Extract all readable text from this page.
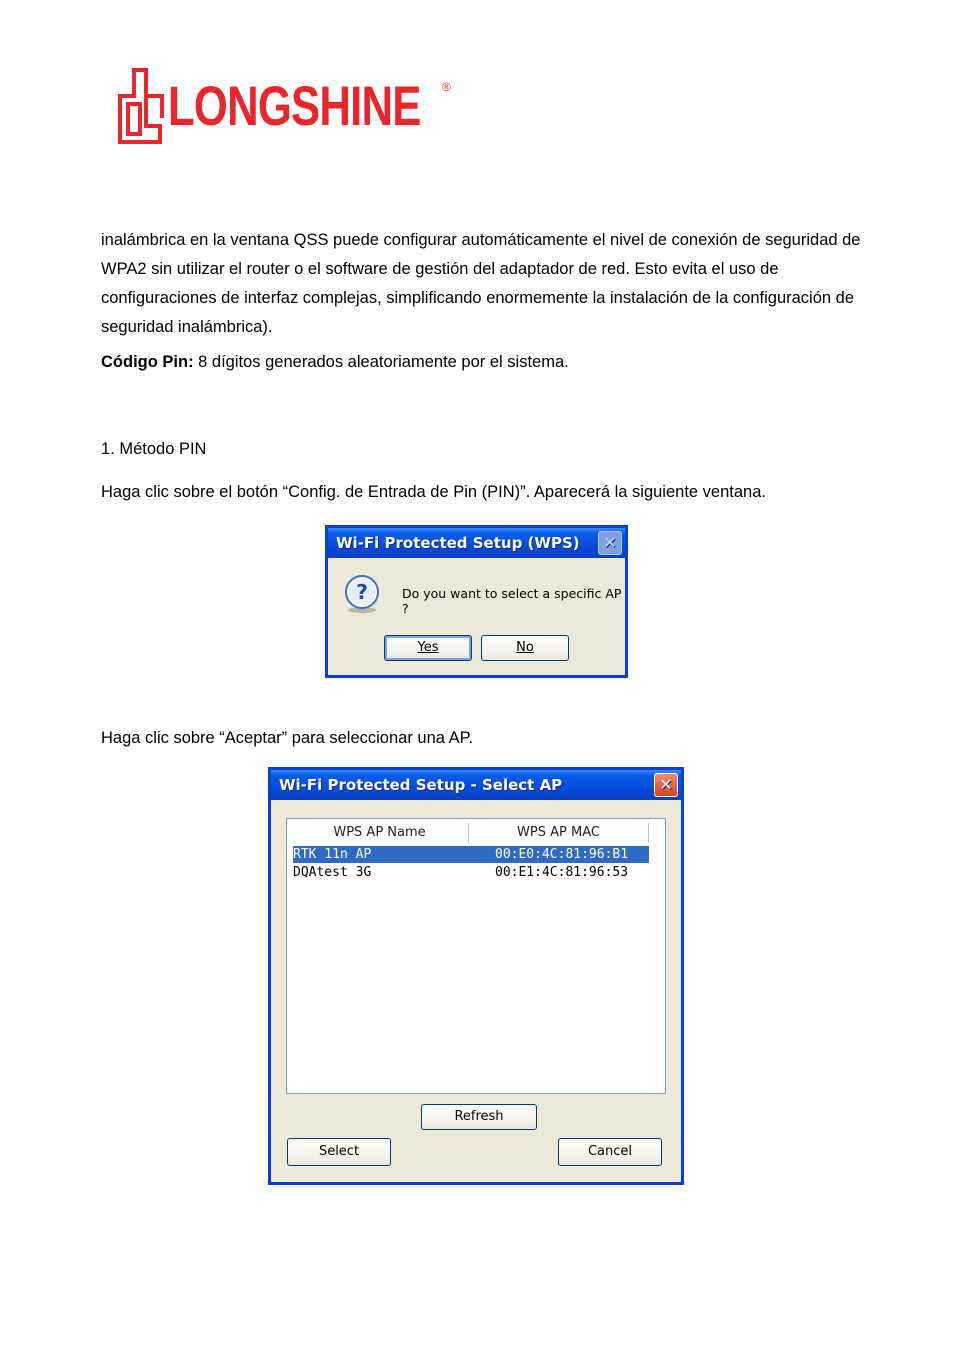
LONGSHINE ®

inalámbrica en la ventana QSS puede configurar automáticamente el nivel de conexión de seguridad de WPA2 sin utilizar el router o el software de gestión del adaptador de red. Esto evita el uso de configuraciones de interfaz complejas, simplificando enormemente la instalación de la configuración de seguridad inalámbrica).

Código Pin: 8 dígitos generados aleatoriamente por el sistema.

1. Método PIN

Haga clic sobre el botón “Config. de Entrada de Pin (PIN)”. Aparecerá la siguiente ventana.

Wi-Fi Protected Setup (WPS)	✕
?	Do you want to select a specific AP ?
Yes	No

Haga clic sobre “Aceptar” para seleccionar una AP.

Wi-Fi Protected Setup - Select AP	✕
WPS AP Name	WPS AP MAC
RTK 11n AP	00:E0:4C:81:96:B1
DQAtest 3G	00:E1:4C:81:96:53
Refresh
Select	Cancel
